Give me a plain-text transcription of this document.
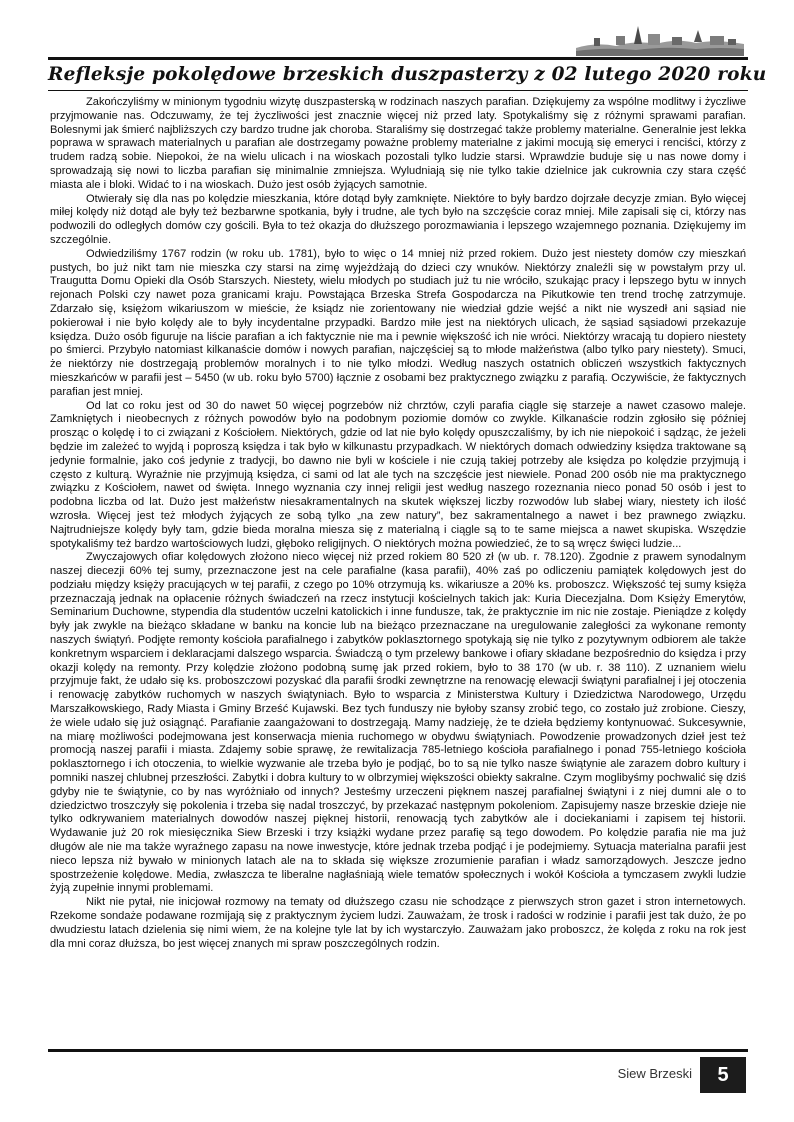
Refleksje pokolędowe brzeskich duszpasterzy z 02 lutego 2020 roku

Zakończyliśmy w minionym tygodniu wizytę duszpasterską w rodzinach naszych parafian. Dziękujemy za wspólne modlitwy i życzliwe przyjmowanie nas. Odczuwamy, że tej życzliwości jest znacznie więcej niż przed laty. Spotykaliśmy się z różnymi sprawami parafian. Bolesnymi jak śmierć najbliższych czy bardzo trudne jak choroba. Staraliśmy się dostrzegać także problemy materialne. Generalnie jest lekka poprawa w sprawach materialnych u parafian ale dostrzegamy poważne problemy materialne z jakimi mocują się emeryci i renciści, którzy z trudem radzą sobie. Niepokoi, że na wielu ulicach i na wioskach pozostali tylko ludzie starsi. Wprawdzie buduje się u nas nowe domy i sprowadzają się nowi to liczba parafian się minimalnie zmniejsza. Wyludniają się nie tylko takie dzielnice jak cukrownia czy stara część miasta ale i bloki. Widać to i na wioskach. Dużo jest osób żyjących samotnie.

Otwierały się dla nas po kolędzie mieszkania, które dotąd były zamknięte. Niektóre to były bardzo dojrzałe decyzje zmian. Było więcej miłej kolędy niż dotąd ale były też bezbarwne spotkania, były i trudne, ale tych było na szczęście coraz mniej. Mile zapisali się ci, którzy nas podwozili do odległych domów czy gościli. Była to też okazja do dłuższego porozmawiania i lepszego wzajemnego poznania. Dziękujemy im szczególnie.

Odwiedziliśmy 1767 rodzin (w roku ub. 1781), było to więc o 14 mniej niż przed rokiem. Dużo jest niestety domów czy mieszkań pustych, bo już nikt tam nie mieszka czy starsi na zimę wyjeżdżają do dzieci czy wnuków. Niektórzy znaleźli się w powstałym przy ul. Traugutta Domu Opieki dla Osób Starszych. Niestety, wielu młodych po studiach już tu nie wróciło, szukając pracy i lepszego bytu w innych rejonach Polski czy nawet poza granicami kraju. Powstająca Brzeska Strefa Gospodarcza na Pikutkowie ten trend trochę zatrzymuje. Zdarzało się, księżom wikariuszom w mieście, że ksiądz nie zorientowany nie wiedział gdzie wejść a nikt nie wyszedł ani sąsiad nie pokierował i nie było kolędy ale to były incydentalne przypadki. Bardzo miłe jest na niektórych ulicach, że sąsiad sąsiadowi przekazuje księdza. Dużo osób figuruje na liście parafian a ich faktycznie nie ma i pewnie większość ich nie wróci. Niektórzy wracają tu dopiero niestety po śmierci. Przybyło natomiast kilkanaście domów i nowych parafian, najczęściej są to młode małżeństwa (albo tylko pary niestety). Smuci, że niektórzy nie dostrzegają problemów moralnych i to nie tylko młodzi. Według naszych ostatnich obliczeń wszystkich faktycznych mieszkańców w parafii jest – 5450 (w ub. roku było 5700) łącznie z osobami bez praktycznego związku z parafią. Oczywiście, że faktycznych parafian jest mniej.

Od lat co roku jest od 30 do nawet 50 więcej pogrzebów niż chrztów, czyli parafia ciągle się starzeje a nawet czasowo maleje. Zamkniętych i nieobecnych z różnych powodów było na podobnym poziomie domów co zwykle. Kilkanaście rodzin zgłosiło się później prosząc o kolędę i to ci związani z Kościołem. Niektórych, gdzie od lat nie było kolędy opuszczaliśmy, by ich nie niepokoić i sądząc, że jeżeli będzie im zależeć to wyjdą i poproszą księdza i tak było w kilkunastu przypadkach. W niektórych domach odwiedziny księdza traktowane są jedynie formalnie, jako coś jedynie z tradycji, bo dawno nie byli w kościele i nie czują takiej potrzeby ale księdza po kolędzie przyjmują i często z kulturą. Wyraźnie nie przyjmują księdza, ci sami od lat ale tych na szczęście jest niewiele. Ponad 200 osób nie ma praktycznego związku z Kościołem, nawet od święta. Innego wyznania czy innej religii jest według naszego rozeznania nieco ponad 50 osób i jest to podobna liczba od lat. Dużo jest małżeństw niesakramentalnych na skutek większej liczby rozwodów lub słabej wiary, niestety ich ilość wzrosła. Więcej jest też młodych żyjących ze sobą tylko „na zew natury”, bez sakramentalnego a nawet i bez prawnego związku. Najtrudniejsze kolędy były tam, gdzie bieda moralna miesza się z materialną i ciągle są to te same miejsca a nawet skupiska. Wszędzie spotykaliśmy też bardzo wartościowych ludzi, głęboko religijnych. O niektórych można powiedzieć, że to są wręcz święci ludzie...

Zwyczajowych ofiar kolędowych złożono nieco więcej niż przed rokiem 80 520 zł (w ub. r. 78.120). Zgodnie z prawem synodalnym naszej diecezji 60% tej sumy, przeznaczone jest na cele parafialne (kasa parafii), 40% zaś po odliczeniu pamiątek kolędowych jest do podziału między księży pracujących w tej parafii, z czego po 10% otrzymują ks. wikariusze a 20% ks. proboszcz. Większość tej sumy księża przeznaczają jednak na opłacenie różnych świadczeń na rzecz instytucji kościelnych takich jak: Kuria Diecezjalna. Dom Księży Emerytów, Seminarium Duchowne, stypendia dla studentów uczelni katolickich i inne fundusze, tak, że praktycznie im nic nie zostaje. Pieniądze z kolędy były jak zwykle na bieżąco składane w banku na koncie lub na bieżąco przeznaczane na uregulowanie zaległości za wykonane remonty naszych świątyń. Podjęte remonty kościoła parafialnego i zabytków poklasztornego spotykają się nie tylko z pozytywnym odbiorem ale także konkretnym wsparciem i deklaracjami dalszego wsparcia. Świadczą o tym przelewy bankowe i ofiary składane bezpośrednio do księdza i przy okazji kolędy na remonty. Przy kolędzie złożono podobną sumę jak przed rokiem, było to 38 170 (w ub. r. 38 110). Z uznaniem wielu przyjmuje fakt, że udało się ks. proboszczowi pozyskać dla parafii środki zewnętrzne na renowację elewacji świątyni parafialnej i jej otoczenia i renowację zabytków ruchomych w naszych świątyniach. Było to wsparcia z Ministerstwa Kultury i Dziedzictwa Narodowego, Urzędu Marszałkowskiego, Rady Miasta i Gminy Brześć Kujawski. Bez tych funduszy nie byłoby szansy zrobić tego, co zostało już zrobione. Cieszy, że wiele udało się już osiągnąć. Parafianie zaangażowani to dostrzegają. Mamy nadzieję, że te dzieła będziemy kontynuować. Sukcesywnie, na miarę możliwości podejmowana jest konserwacja mienia ruchomego w obydwu świątyniach. Powodzenie prowadzonych dzieł jest też promocją naszej parafii i miasta. Zdajemy sobie sprawę, że rewitalizacja 785-letniego kościoła parafialnego i ponad 755-letniego kościoła poklasztornego i ich otoczenia, to wielkie wyzwanie ale trzeba było je podjąć, bo to są nie tylko nasze świątynie ale zarazem dobro kultury i pomniki naszej chlubnej przeszłości. Zabytki i dobra kultury to w olbrzymiej większości obiekty sakralne. Czym moglibyśmy pochwalić się dziś gdyby nie te świątynie, co by nas wyróżniało od innych? Jesteśmy urzeczeni pięknem naszej parafialnej świątyni i z niej dumni ale o to dziedzictwo troszczyły się pokolenia i trzeba się nadal troszczyć, by przekazać następnym pokoleniom. Zapisujemy nasze brzeskie dzieje nie tylko odkrywaniem materialnych dowodów naszej pięknej historii, renowacją tych zabytków ale i dociekaniami i zapisem tej historii. Wydawanie już 20 rok miesięcznika Siew Brzeski i trzy książki wydane przez parafię są tego dowodem. Po kolędzie parafia nie ma już długów ale nie ma także wyraźnego zapasu na nowe inwestycje, które jednak trzeba podjąć i je podejmiemy. Sytuacja materialna parafii jest nieco lepsza niż bywało w minionych latach ale na to składa się większe zrozumienie parafian i władz samorządowych. Jeszcze jedno spostrzeżenie kolędowe. Media, zwłaszcza te liberalne nagłaśniają wiele tematów społecznych i wokół Kościoła a tymczasem zwykli ludzie żyją zupełnie innymi problemami.

Nikt nie pytał, nie inicjował rozmowy na tematy od dłuższego czasu nie schodzące z pierwszych stron gazet i stron internetowych. Rzekome sondaże podawane rozmijają się z praktycznym życiem ludzi. Zauważam, że trosk i radości w rodzinie i parafii jest tak dużo, że po dwudziestu latach dzielenia się nimi wiem, że na kolejne tyle lat by ich wystarczyło. Zauważam jako proboszcz, że kolęda z roku na rok jest dla mni coraz dłuższa, bo jest więcej znanych mi spraw poszczególnych rodzin.

Siew Brzeski	5
